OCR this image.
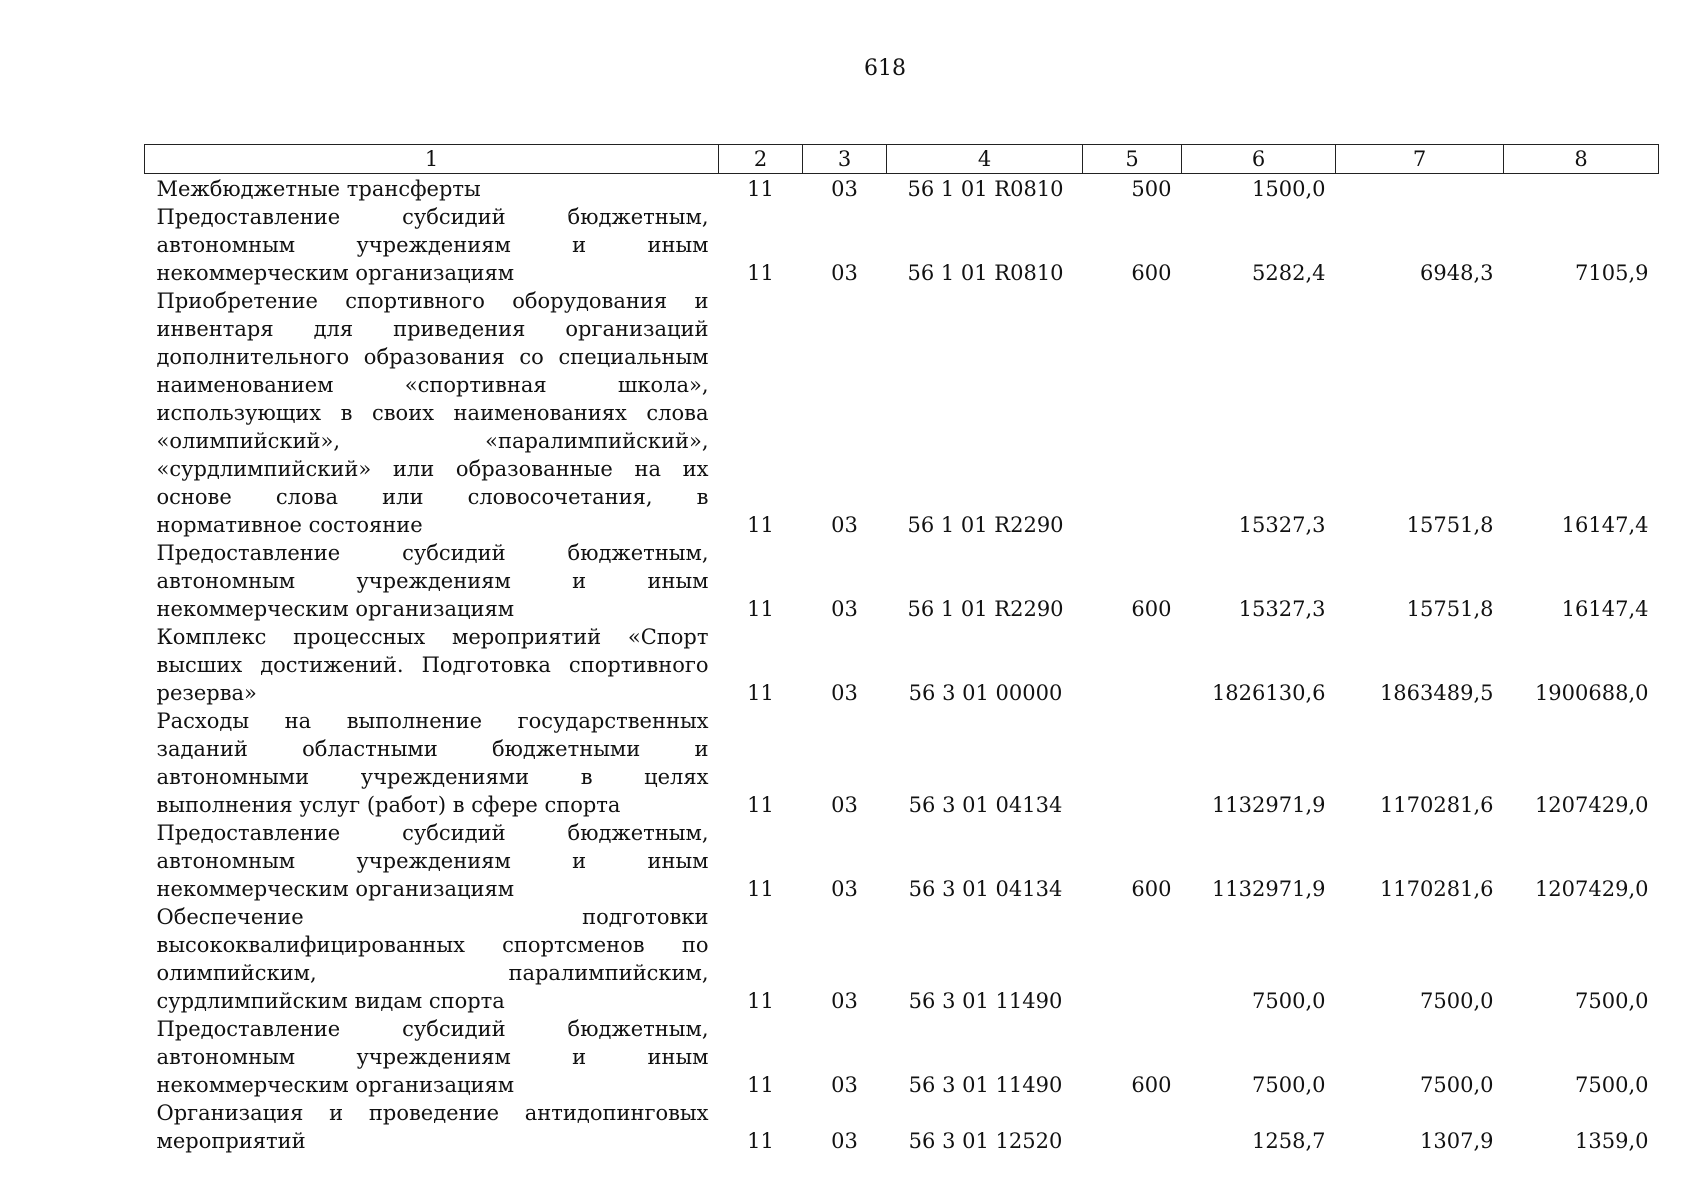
618
1	2	3	4	5	6	7	8
Межбюджетные трансферты	11	03	56 1 01 R0810	500	1500,0		
Предоставление субсидий бюджетным, автономным учреждениям и иным некоммерческим организациям	11	03	56 1 01 R0810	600	5282,4	6948,3	7105,9
Приобретение спортивного оборудования и инвентаря для приведения организаций дополнительного образования со специальным наименованием «спортивная школа», использующих в своих наименованиях слова «олимпийский», «паралимпийский», «сурдлимпийский» или образованные на их основе слова или словосочетания, в нормативное состояние	11	03	56 1 01 R2290		15327,3	15751,8	16147,4
Предоставление субсидий бюджетным, автономным учреждениям и иным некоммерческим организациям	11	03	56 1 01 R2290	600	15327,3	15751,8	16147,4
Комплекс процессных мероприятий «Спорт высших достижений. Подготовка спортивного резерва»	11	03	56 3 01 00000		1826130,6	1863489,5	1900688,0
Расходы на выполнение государственных заданий областными бюджетными и автономными учреждениями в целях выполнения услуг (работ) в сфере спорта	11	03	56 3 01 04134		1132971,9	1170281,6	1207429,0
Предоставление субсидий бюджетным, автономным учреждениям и иным некоммерческим организациям	11	03	56 3 01 04134	600	1132971,9	1170281,6	1207429,0
Обеспечение подготовки высококвалифицированных спортсменов по олимпийским, паралимпийским, сурдлимпийским видам спорта	11	03	56 3 01 11490		7500,0	7500,0	7500,0
Предоставление субсидий бюджетным, автономным учреждениям и иным некоммерческим организациям	11	03	56 3 01 11490	600	7500,0	7500,0	7500,0
Организация и проведение антидопинговых мероприятий	11	03	56 3 01 12520		1258,7	1307,9	1359,0
